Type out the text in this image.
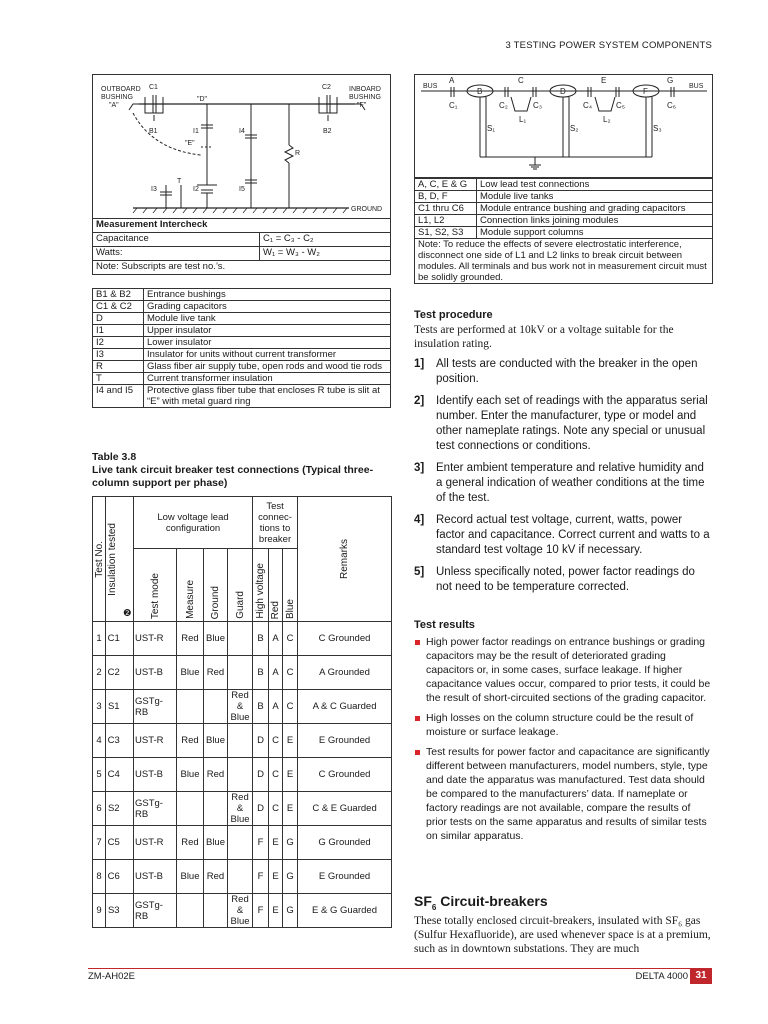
3 TESTING POWER SYSTEM COMPONENTS
OUTBOARD
BUSHING
"A"
INBOARD
BUSHING
"F"
"D"
"E"
GROUND
C1	C2
B1	B2
I1
I2
I3
I4
I5
T
R
Measurement Intercheck	
Capacitance	C₁ = C₃ - C₂
Watts:	W₁ = W₃ - W₂
Note: Subscripts are test no.’s.	
B1 & B2	Entrance bushings
C1 & C2	Grading capacitors
D	Module live tank
I1	Upper insulator
I2	Lower insulator
I3	Insulator for units without current transformer
R	Glass fiber air supply tube, open rods and wood tie rods
T	Current transformer insulation
I4 and I5	Protective glass fiber tube that encloses R tube is slit at “E” with metal guard ring
Table 3.8
Live tank circuit breaker test connections (Typical three-column support per phase)
Test No.	Insulation tested	❷	Low voltage lead configuration				Test connec-tions to breaker			Remarks

			Test mode	Measure	Ground	Guard	High voltage	Red	Blue	

1	C1		UST-R	Red	Blue		B	A	C	C Grounded
2	C2		UST-B	Blue	Red		B	A	C	A Grounded
3	S1		GSTg-RB			Red & Blue	B	A	C	A & C Guarded
4	C3		UST-R	Red	Blue		D	C	E	E Grounded
5	C4		UST-B	Blue	Red		D	C	E	C Grounded
6	S2		GSTg-RB			Red & Blue	D	C	E	C & E Guarded
7	C5		UST-R	Red	Blue		F	E	G	G Grounded
8	C6		UST-B	Blue	Red		F	E	G	E Grounded
9	S3		GSTg-RB			Red & Blue	F	E	G	E & G Guarded
BUS	BUS
A	C	E	G
B	D	F
C₁	C₂	C₃	C₄	C₅	C₆
L₁	L₂
S₁	S₂	S₃
A, C, E & G	Low lead test connections
B, D, F	Module live tanks
C1 thru C6	Module entrance bushing and grading capacitors
L1, L2	Connection links joining modules
S1, S2, S3	Module support columns
Note: To reduce the effects of severe electrostatic interference, disconnect one side of L1 and L2 links to break circuit between modules. All terminals and bus work not in measurement circuit must be solidly grounded.	
Test procedure
Tests are performed at 10kV or a voltage suitable for the insulation rating.
1] All tests are conducted with the breaker in the open position.
2] Identify each set of readings with the apparatus serial number. Enter the manufacturer, type or model and other nameplate ratings. Note any special or unusual test connections or conditions.
3] Enter ambient temperature and relative humidity and a general indication of weather conditions at the time of the test.
4] Record actual test voltage, current, watts, power factor and capacitance. Correct current and watts to a standard test voltage 10 kV if necessary.
5] Unless specifically noted, power factor readings do not need to be temperature corrected.
Test results
High power factor readings on entrance bushings or grading capacitors may be the result of deteriorated grading capacitors or, in some cases, surface leakage. If higher capacitance values occur, compared to prior tests, it could be the result of short-circuited sections of the grading capacitor.
High losses on the column structure could be the result of moisture or surface leakage.
Test results for power factor and capacitance are significantly different between manufacturers, model numbers, style, type and date the apparatus was manufactured. Test data should be compared to the manufacturers’ data. If nameplate or factory readings are not available, compare the results of prior tests on the same apparatus and results of similar tests on similar apparatus.
$SF_6$ Circuit-breakers
These totally enclosed circuit-breakers, insulated with SF₆ gas (Sulfur Hexafluoride), are used whenever space is at a premium, such as in downtown substations. They are much
ZM-AH02E	DELTA 4000 31
